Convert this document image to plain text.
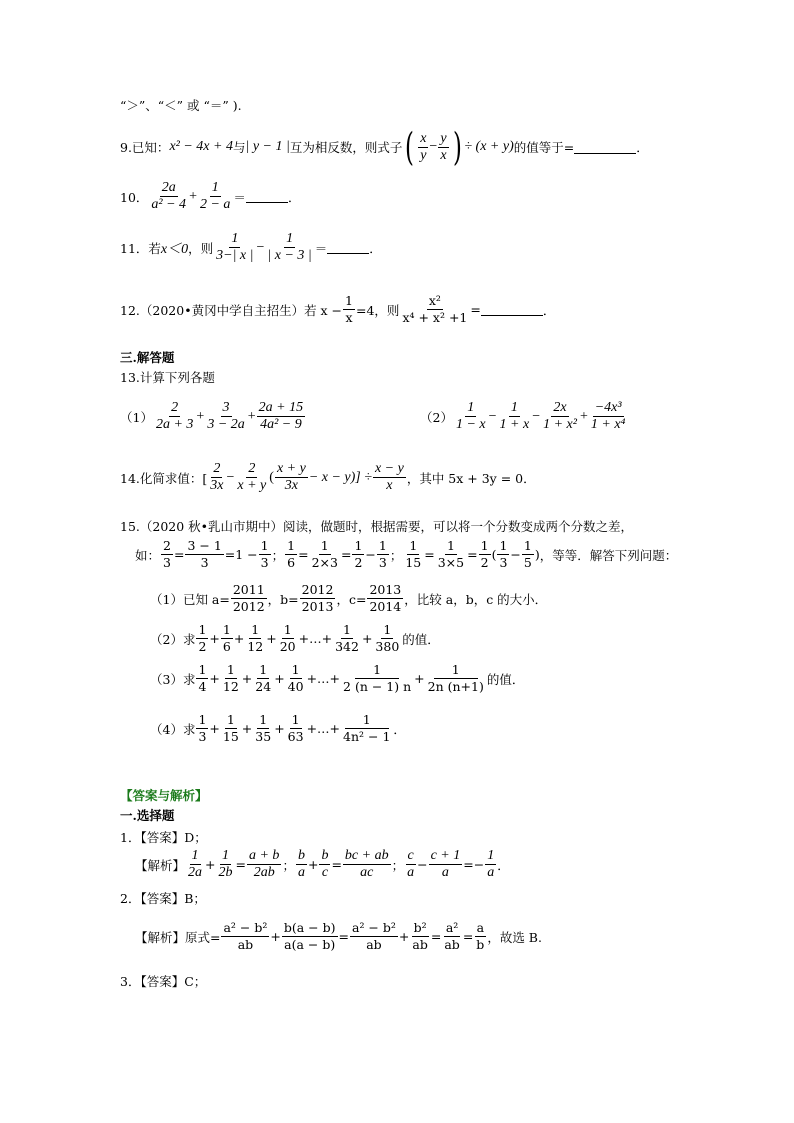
“＞”、“＜” 或 “＝” ).
9.已知： x² − 4x + 4 与 | y − 1 | 互为相反数，则式子 ( x
y
− $\frac{y}{x}$ ) ÷ (x + y) 的值等于=	．
10．
2a
a² − 4
+ $\frac{1}{2 - a}$ ＝	．
11．若 x＜0 ，则
1
3−| x |
− $\frac{1}{| x - 3 |}$ ＝	．
12.（2020•黄冈中学自主招生）若 $x - \frac{1}{x} =4$，则 $\frac{\text{x²}}{\text{x⁴ + x² +1}}$ =	．
三.解答题
13.计算下列各题
（1）
2
2a + 3
+ $\frac{3}{3 - 2a} + \frac{2a + 15}{\text{4a² − 9}}$	（2）
1
1 − x
− $\frac{1}{1 + x} - \frac{2x}{\text{1 + x²}} + \frac{\text{−4x³}}{\text{1 + x⁴}}$
14.化简求值：[
2
3x
− $\frac{2}{x + y}$ (
x + y
3x
− $x - y)] \div \frac{x - y}{x}$ ，其中 5x + 3y = 0．
15.（2020 秋•乳山市期中）阅读，做题时，根据需要，可以将一个分数变成两个分数之差，
如：
2
3
= $\frac{3 - 1}{3} =1 - \frac{1}{3}$ ；
1
6
=
1
2×3
=
1
2
−
1
3 ；
1
15
=
1
3×5
=
1
2
(
1
3
−
1
5
) ，等等．解答下列问题：
（1）已知 $a= \frac{2011}{2012}$ ，$b= \frac{2012}{2013}$ ，$c= \frac{2013}{2014}$ ，比较 a，b，c 的大小．
（2）求
1
2
+
1
6
+
1
12
+
1
20
+…+
1
342
+
1
380 的值．
（3）求
1
4
+
1
12
+
1
24
+
1
40
+…+
1
2 (n − 1) n
+
1
2n (n+1) 的值．
（4）求
1
3
+
1
15
+
1
35
+
1
63
+…+
1
4n² − 1 ．
【答案与解析】
一.选择题
1．【答案】D；
【解析】
1
2a
+
1
2b
=
a + b
2ab ；
b
a
+
b
c
=
bc + ab
ac ；
c
a
−
c + 1
a
=−
1
a ．
2．【答案】B；
【解析】原式= $\frac{\text{a² − b²}}{ab}$ +
b(a − b)
a(a − b)
=
a² − b²
ab
+
b²
ab
=
a²
ab
=
a
b ，故选 B.
3．【答案】C；
